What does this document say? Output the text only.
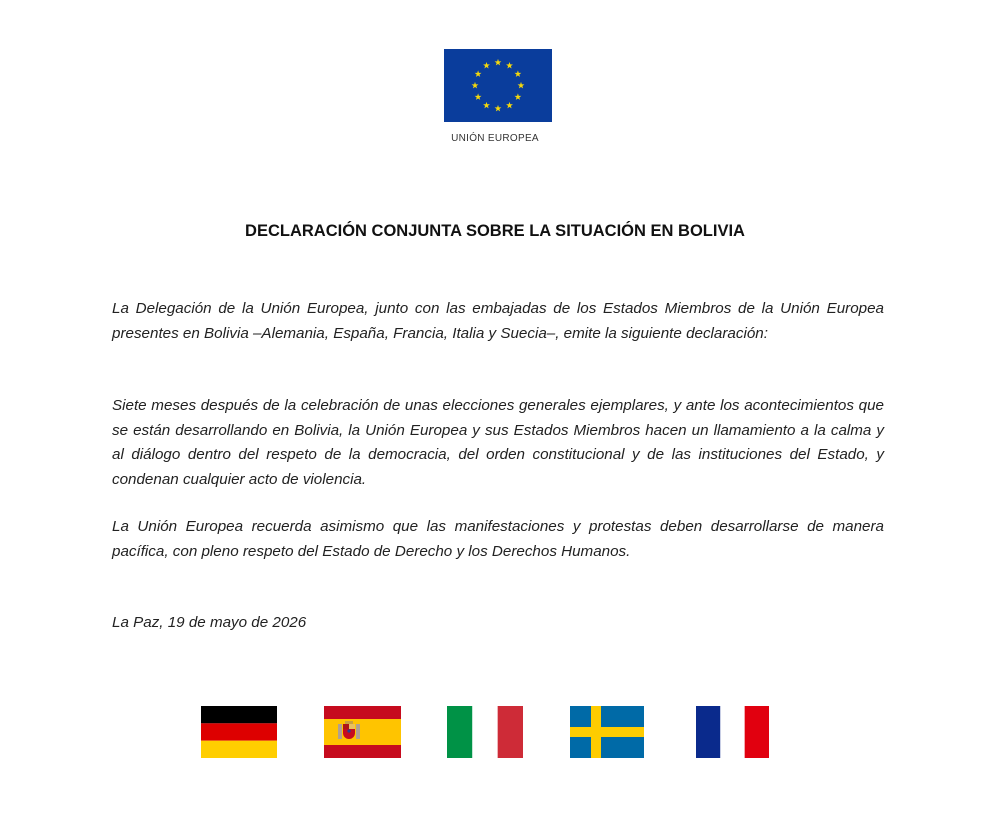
UNIÓN EUROPEA
DECLARACIÓN CONJUNTA SOBRE LA SITUACIÓN EN BOLIVIA

La Delegación de la Unión Europea, junto con las embajadas de los Estados Miembros de la Unión Europea presentes en Bolivia –Alemania, España, Francia, Italia y Suecia–, emite la siguiente declaración:

Siete meses después de la celebración de unas elecciones generales ejemplares, y ante los acontecimientos que se están desarrollando en Bolivia, la Unión Europea y sus Estados Miembros hacen un llamamiento a la calma y al diálogo dentro del respeto de la democracia, del orden constitucional y de las instituciones del Estado, y condenan cualquier acto de violencia.

La Unión Europea recuerda asimismo que las manifestaciones y protestas deben desarrollarse de manera pacífica, con pleno respeto del Estado de Derecho y los Derechos Humanos.

La Paz, 19 de mayo de 2026
